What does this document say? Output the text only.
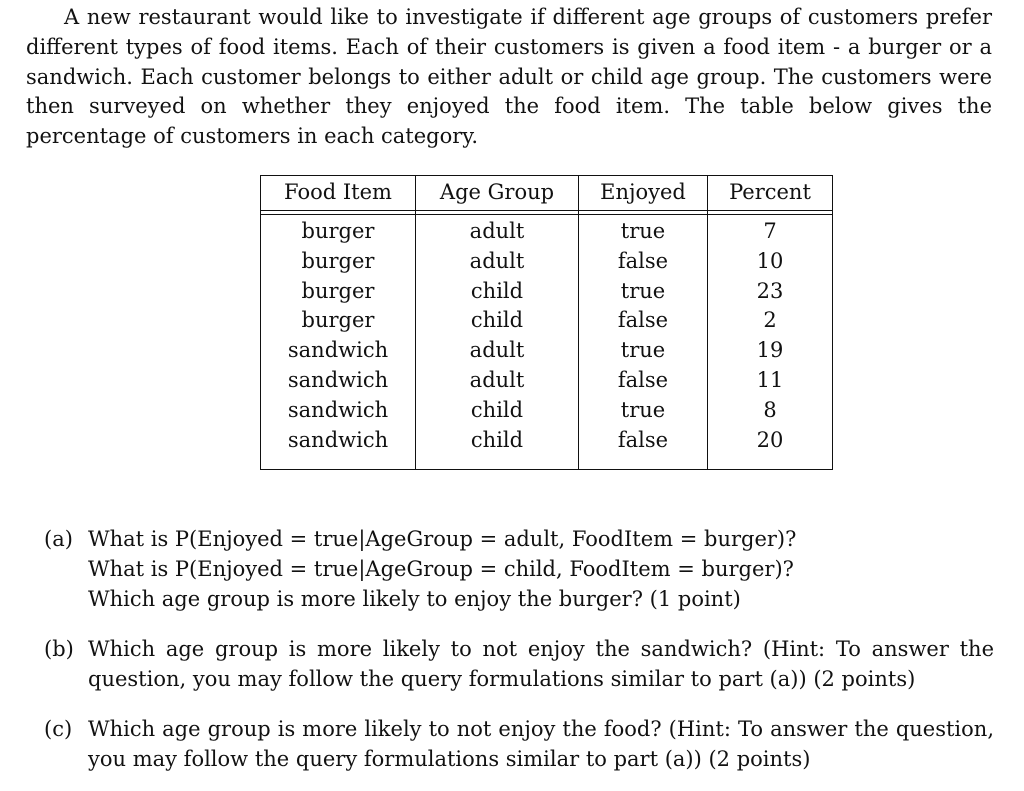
A new restaurant would like to investigate if different age groups of customers prefer different types of food items. Each of their customers is given a food item - a burger or a sandwich. Each customer belongs to either adult or child age group. The customers were then surveyed on whether they enjoyed the food item. The table below gives the percentage of customers in each category.

Food Item	Age Group	Enjoyed	Percent

burger	adult	true	7
burger	adult	false	10
burger	child	true	23
burger	child	false	2
sandwich	adult	true	19
sandwich	adult	false	11
sandwich	child	true	8
sandwich	child	false	20

(a) What is P(Enjoyed = true|AgeGroup = adult, FoodItem = burger)?
What is P(Enjoyed = true|AgeGroup = child, FoodItem = burger)?
Which age group is more likely to enjoy the burger? (1 point)
(b) Which age group is more likely to not enjoy the sandwich? (Hint: To answer the question, you may follow the query formulations similar to part (a)) (2 points)
(c) Which age group is more likely to not enjoy the food? (Hint: To answer the question, you may follow the query formulations similar to part (a)) (2 points)
